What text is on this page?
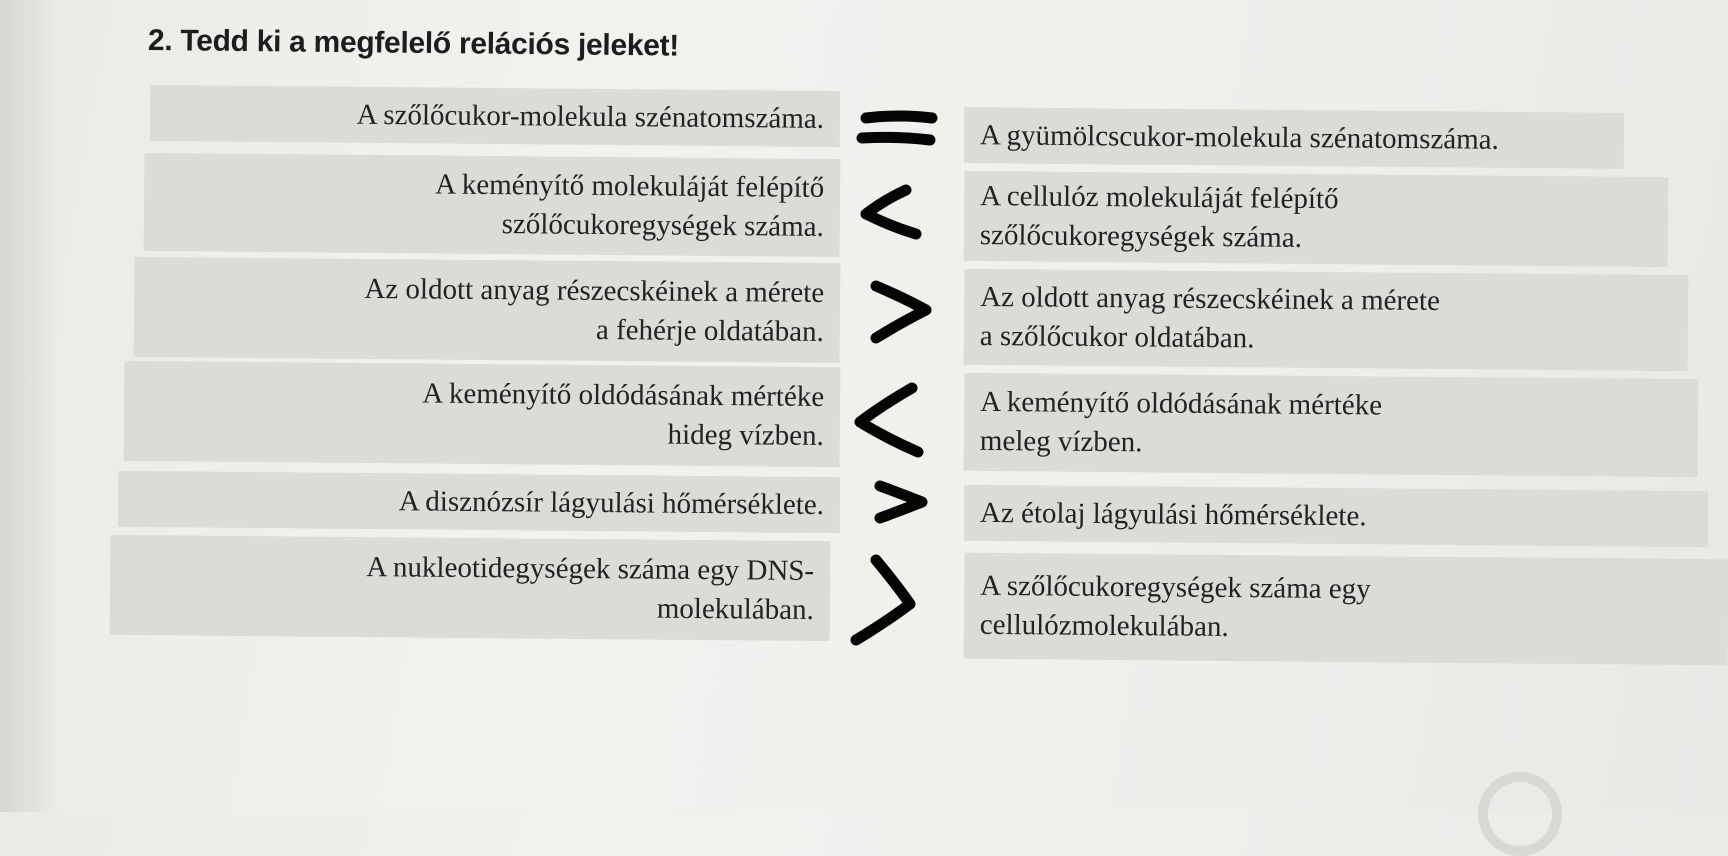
2. Tedd ki a megfelelő relációs jeleket!
A szőlőcukor-molekula szénatomszáma.
A gyümölcscukor-molekula szénatomszáma.
A keményítő molekuláját felépítő
szőlőcukoregységek száma.
A cellulóz molekuláját felépítő
szőlőcukoregységek száma.
Az oldott anyag részecskéinek a mérete
a fehérje oldatában.
Az oldott anyag részecskéinek a mérete
a szőlőcukor oldatában.
A keményítő oldódásának mértéke
hideg vízben.
A keményítő oldódásának mértéke
meleg vízben.
A disznózsír lágyulási hőmérséklete.	Az étolaj lágyulási hőmérséklete.
A nukleotidegységek száma egy DNS-
molekulában.
A szőlőcukoregységek száma egy
cellulózmolekulában.
